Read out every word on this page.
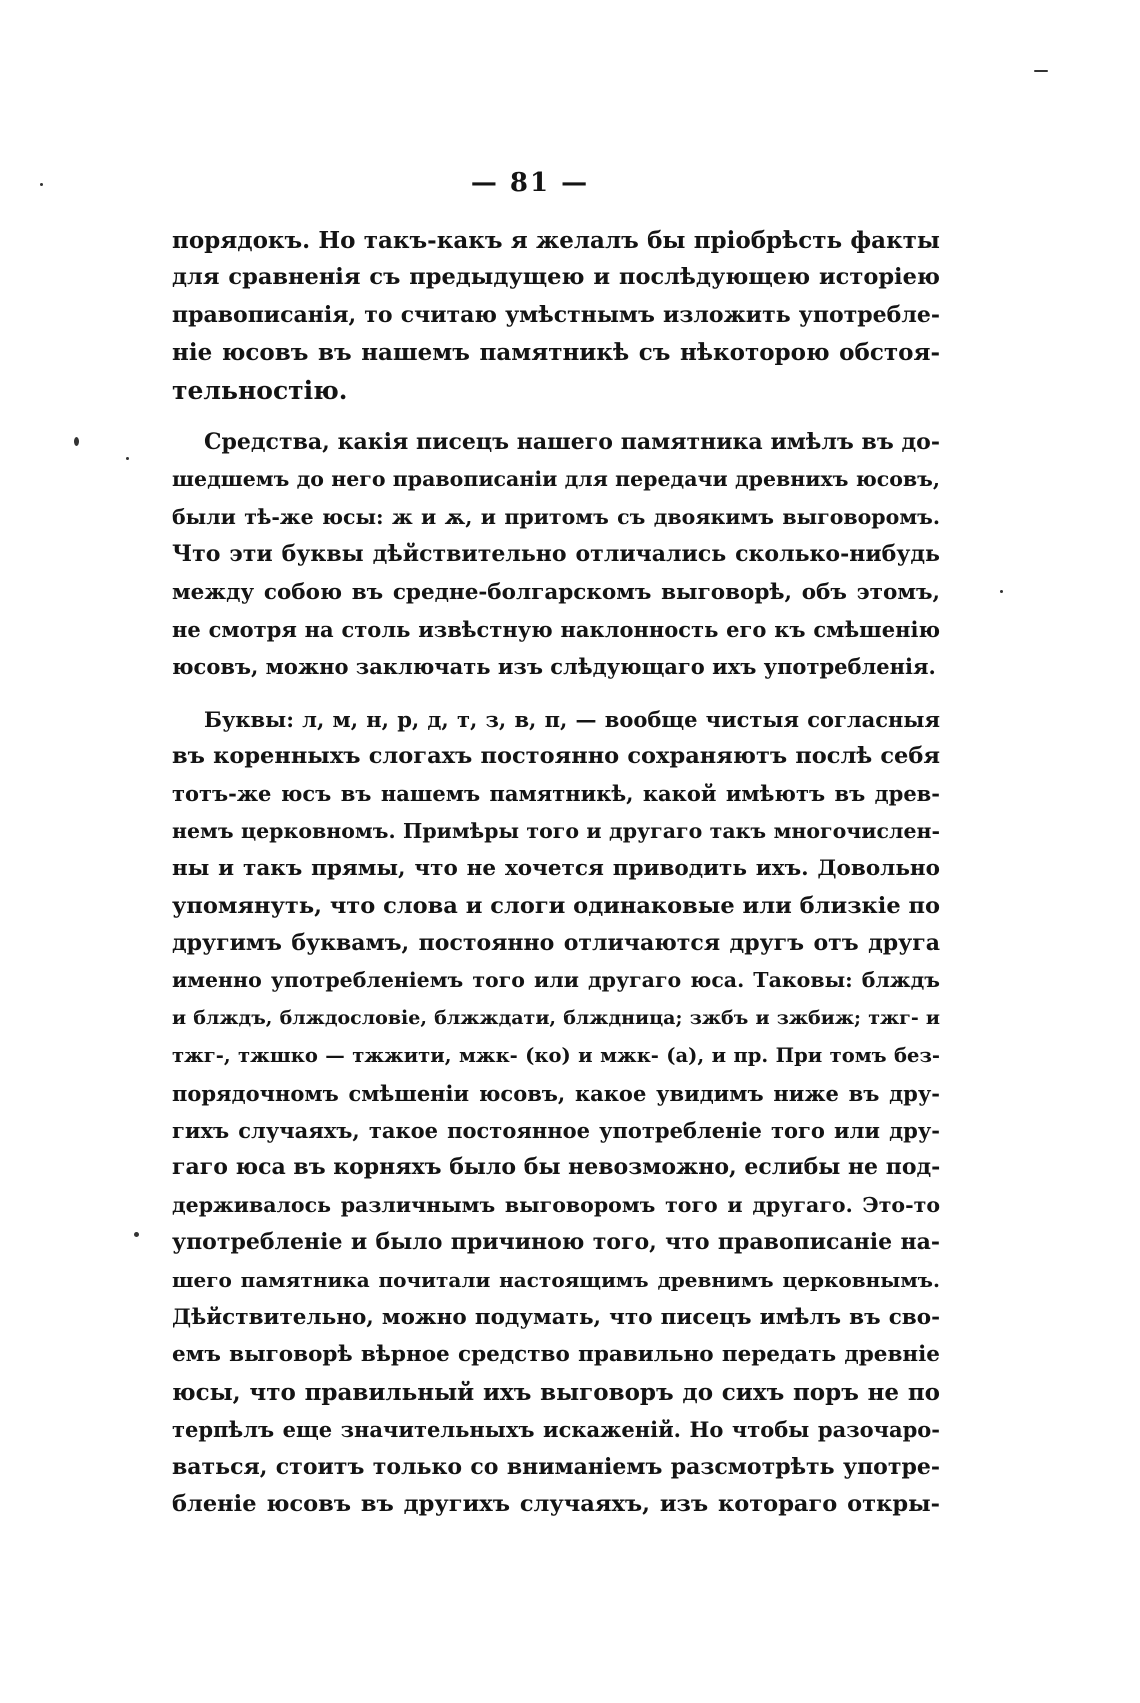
— 81 —

порядокъ. Но такъ-какъ я желалъ бы пріобрѣсть факты
для сравненія съ предыдущею и послѣдующею исторіею
правописанія, то считаю умѣстнымъ изложить употребле-
ніе юсовъ въ нашемъ памятникѣ съ нѣкоторою обстоя-
тельностію.

Средства, какія писецъ нашего памятника имѣлъ въ до-
шедшемъ до него правописаніи для передачи древнихъ юсовъ,
были тѣ-же юсы: ж и ѫ, и притомъ съ двоякимъ выговоромъ.
Что эти буквы дѣйствительно отличались сколько-нибудь
между собою въ средне-болгарскомъ выговорѣ, объ этомъ,
не смотря на столь извѣстную наклонность его къ смѣшенію
юсовъ, можно заключать изъ слѣдующаго ихъ употребленія.

Буквы: л, м, н, р, д, т, з, в, п, — вообще чистыя согласныя
въ коренныхъ слогахъ постоянно сохраняютъ послѣ себя
тотъ-же юсъ въ нашемъ памятникѣ, какой имѣютъ въ древ-
немъ церковномъ. Примѣры того и другаго такъ многочислен-
ны и такъ прямы, что не хочется приводить ихъ. Довольно
упомянуть, что слова и слоги одинаковые или близкіе по
другимъ буквамъ, постоянно отличаются другъ отъ друга
именно употребленіемъ того или другаго юса. Таковы: блждъ
и блждъ, блждословіе, блжждати, блждница; зжбъ и зжбиж; тжг- и
тжг-, тжшко — тжжити, мжк- (ко) и мжк- (а), и пр. При томъ без-
порядочномъ смѣшеніи юсовъ, какое увидимъ ниже въ дру-
гихъ случаяхъ, такое постоянное употребленіе того или дру-
гаго юса въ корняхъ было бы невозможно, еслибы не под-
держивалось различнымъ выговоромъ того и другаго. Это-то
употребленіе и было причиною того, что правописаніе на-
шего памятника почитали настоящимъ древнимъ церковнымъ.
Дѣйствительно, можно подумать, что писецъ имѣлъ въ сво-
емъ выговорѣ вѣрное средство правильно передать древніе
юсы, что правильный ихъ выговоръ до сихъ поръ не по
терпѣлъ еще значительныхъ искаженій. Но чтобы разочаро-
ваться, стоитъ только со вниманіемъ разсмотрѣть употре-
бленіе юсовъ въ другихъ случаяхъ, изъ котораго откры-
